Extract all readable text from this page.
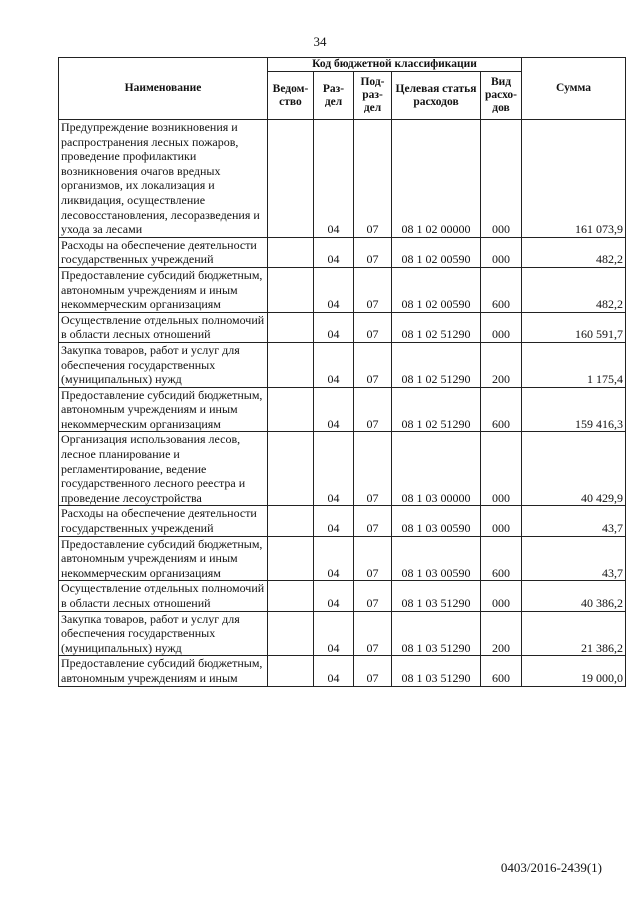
34
Наименование	Код бюджетной классификации					Сумма
	Ведом-ство	Раз-дел	Под-раз-дел	Целевая статья расходов	Вид расхо-дов	
Предупреждение возникновения и распространения лесных пожаров, проведение профилактики возникновения очагов вредных организмов, их локализация и ликвидация, осуществление лесовосстановления, лесоразведения и ухода за лесами		04	07	08 1 02 00000	000	161 073,9
Расходы на обеспечение деятельности государственных учреждений		04	07	08 1 02 00590	000	482,2
Предоставление субсидий бюджетным, автономным учреждениям и иным некоммерческим организациям		04	07	08 1 02 00590	600	482,2
Осуществление отдельных полномочий в области лесных отношений		04	07	08 1 02 51290	000	160 591,7
Закупка товаров, работ и услуг для обеспечения государственных (муниципальных) нужд		04	07	08 1 02 51290	200	1 175,4
Предоставление субсидий бюджетным, автономным учреждениям и иным некоммерческим организациям		04	07	08 1 02 51290	600	159 416,3
Организация использования лесов, лесное планирование и регламентирование, ведение государственного лесного реестра и проведение лесоустройства		04	07	08 1 03 00000	000	40 429,9
Расходы на обеспечение деятельности государственных учреждений		04	07	08 1 03 00590	000	43,7
Предоставление субсидий бюджетным, автономным учреждениям и иным некоммерческим организациям		04	07	08 1 03 00590	600	43,7
Осуществление отдельных полномочий в области лесных отношений		04	07	08 1 03 51290	000	40 386,2
Закупка товаров, работ и услуг для обеспечения государственных (муниципальных) нужд		04	07	08 1 03 51290	200	21 386,2
Предоставление субсидий бюджетным, автономным учреждениям и иным		04	07	08 1 03 51290	600	19 000,0
0403/2016-2439(1)
